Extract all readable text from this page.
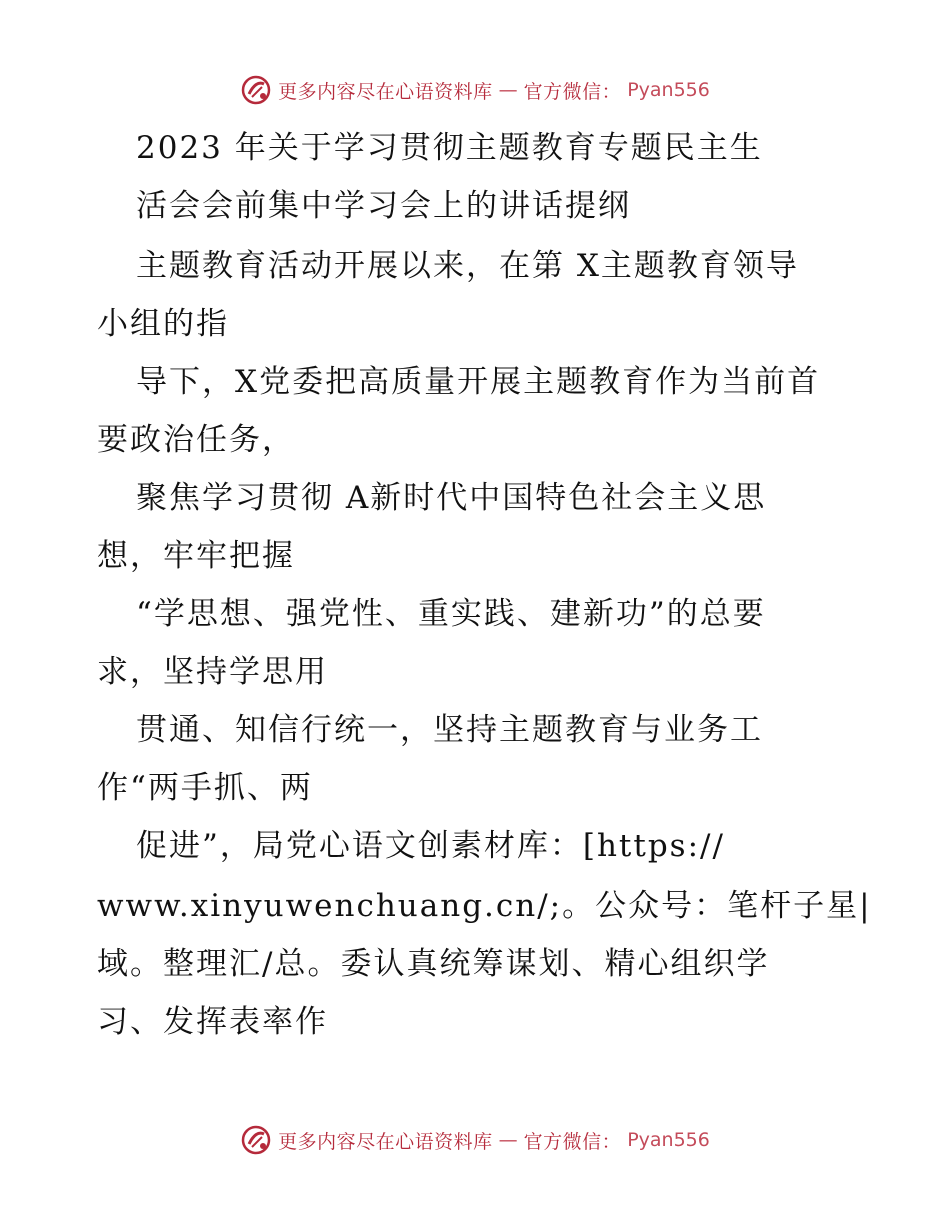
更多内容尽在心语资料库 — 官方微信： Pyan556
2023 年关于学习贯彻主题教育专题民主生
活会会前集中学习会上的讲话提纲
主题教育活动开展以来，在第 X主题教育领导
小组的指
导下，X党委把高质量开展主题教育作为当前首
要政治任务，
聚焦学习贯彻 A新时代中国特色社会主义思
想，牢牢把握
“学思想、强党性、重实践、建新功”的总要
求，坚持学思用
贯通、知信行统一，坚持主题教育与业务工
作“两手抓、两
促进”，局党心语文创素材库：[https://
www.xinyuwenchuang.cn/;。公众号：笔杆子星|
域。整理汇/总。委认真统筹谋划、精心组织学
习、发挥表率作
更多内容尽在心语资料库 — 官方微信： Pyan556
